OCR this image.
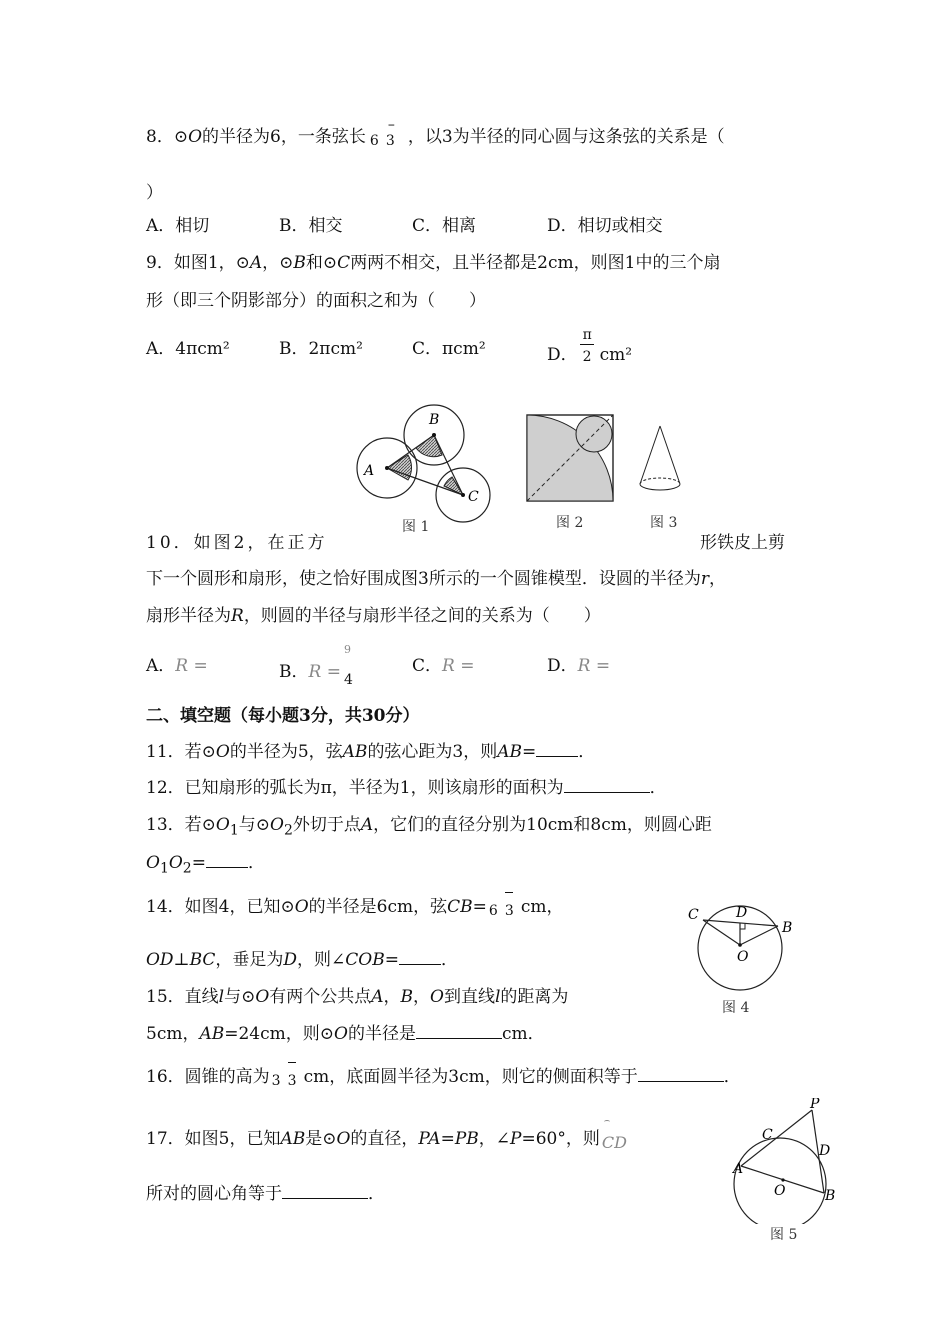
8．⊙O的半径为6，一条弦长 6
–
3 ，以3为半径的同心圆与这条弦的关系是（
）
A．相切	B．相交	C．相离	D．相切或相交
9．如图1，⊙A，⊙B和⊙C两两不相交，且半径都是2cm，则图1中的三个扇
形（即三个阴影部分）的面积之和为（　　）
A．4πcm²	B．2πcm²	C．πcm²	D． $\frac{\pi}{2} cm^2$
B
A
C
图 1	图 2	图 3
10．如图2，在正方	形铁皮上剪
下一个圆形和扇形，使之恰好围成图3所示的一个圆锥模型．设圆的半径为r，
扇形半径为R，则圆的半径与扇形半径之间的关系为（　　）
A．R =	B．R =
9
4
C．R =	D．R =
二、填空题（每小题3分，共30分）
11．若⊙O的半径为5，弦AB的弦心距为3，则AB= ．
12．已知扇形的弧长为π，半径为1，则该扇形的面积为	．
13．若$⊙O_1$与$⊙O_2$外切于点A，它们的直径分别为10cm和8cm，则圆心距
$O_1O_2=$ ．
14．如图4，已知⊙O的半径是6cm，弦CB= 6 3 cm，
OD⊥BC，垂足为D，则∠COB= ．
C	D
B
O
图 4
15．直线l与⊙O有两个公共点A，B，O到直线l的距离为
5cm，AB=24cm，则⊙O的半径是	cm．
16．圆锥的高为 3 3 cm，底面圆半径为3cm，则它的侧面积等于	．
17．如图5，已知AB是⊙O的直径，PA=PB，∠P=60°，则 CD
所对的圆心角等于	．
P
C
D
A
O	B
图 5
